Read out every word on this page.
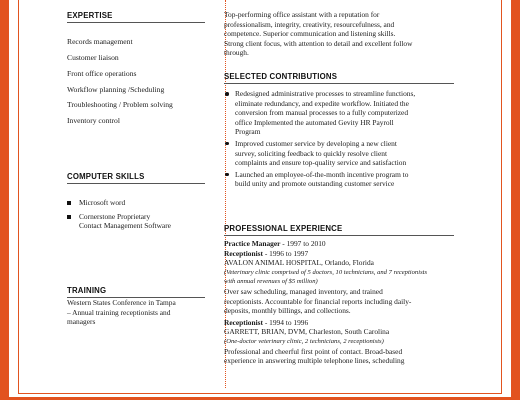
EXPERTISE
Records management
Customer liaison
Front office operations
Workflow planning /Scheduling
Troubleshooting / Problem solving
Inventory control
COMPUTER SKILLS
Microsoft word
Cornerstone Proprietary
Contact Management Software
TRAINING
Western States Conference in Tampa
– Annual training receptionists and
managers
Top-performing office assistant with a reputation for
professionalism, integrity, creativity, resourcefulness, and
competence. Superior communication and listening skills.
Strong client focus, with attention to detail and excellent follow
through.
SELECTED CONTRIBUTIONS
Redesigned administrative processes to streamline functions,
eliminate redundancy, and expedite workflow. Initiated the
conversion from manual processes to a fully computerized
office Implemented the automated Gevity HR Payroll
Program
Improved customer service by developing a new client
survey, soliciting feedback to quickly resolve client
complaints and ensure top-quality service and satisfaction
Launched an employee-of-the-month incentive program to
build unity and promote outstanding customer service
PROFESSIONAL EXPERIENCE
Practice Manager - 1997 to 2010
Receptionist - 1996 to 1997
AVALON ANIMAL HOSPITAL, Orlando, Florida
(Veterinary clinic comprised of 5 doctors, 10 technicians, and 7 receptionists
with annual revenues of $5 million)
Over saw scheduling, managed inventory, and trained
receptionists. Accountable for financial reports including daily-
deposits, monthly billings, and collections.
Receptionist - 1994 to 1996
GARRETT, BRIAN, DVM, Charleston, South Carolina
(One-doctor veterinary clinic, 2 technicians, 2 receptionists)
Professional and cheerful first point of contact. Broad-based
experience in answering multiple telephone lines, scheduling
